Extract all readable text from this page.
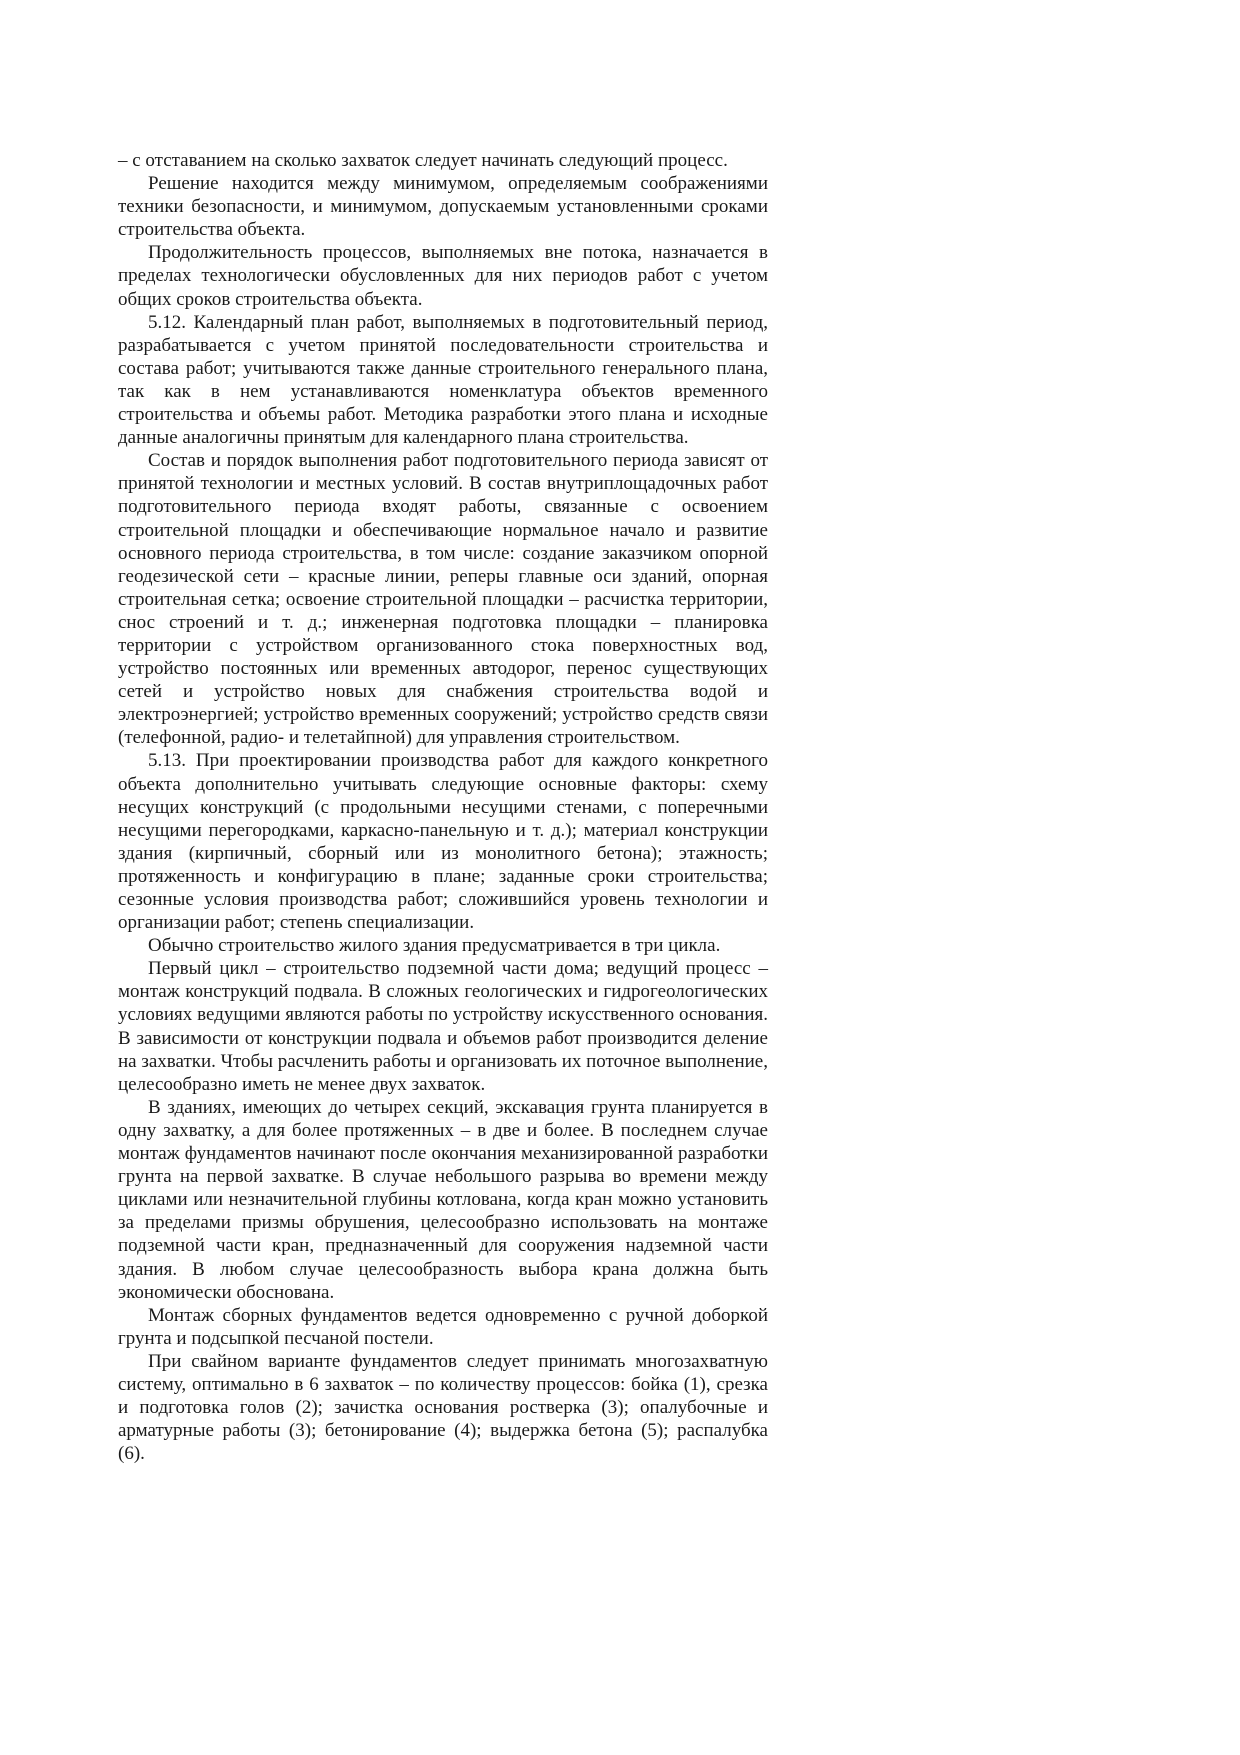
– с отставанием на сколько захваток следует начинать следующий процесс.

Решение находится между минимумом, определяемым соображениями техники безопасности, и минимумом, допускаемым установленными сроками строительства объекта.

Продолжительность процессов, выполняемых вне потока, назначается в пределах технологически обусловленных для них периодов работ с учетом общих сроков строительства объекта.

5.12. Календарный план работ, выполняемых в подготовительный период, разрабатывается с учетом принятой последовательности строительства и состава работ; учитываются также данные строительного генерального плана, так как в нем устанавливаются номенклатура объектов временного строительства и объемы работ. Методика разработки этого плана и исходные данные аналогичны принятым для календарного плана строительства.

Состав и порядок выполнения работ подготовительного периода зависят от принятой технологии и местных условий. В состав внутриплощадочных работ подготовительного периода входят работы, связанные с освоением строительной площадки и обеспечивающие нормальное начало и развитие основного периода строительства, в том числе: создание заказчиком опорной геодезической сети – красные линии, реперы главные оси зданий, опорная строительная сетка; освоение строительной площадки – расчистка территории, снос строений и т. д.; инженерная подготовка площадки – планировка территории с устройством организованного стока поверхностных вод, устройство постоянных или временных автодорог, перенос существующих сетей и устройство новых для снабжения строительства водой и электроэнергией; устройство временных сооружений; устройство средств связи (телефонной, радио- и телетайпной) для управления строительством.

5.13. При проектировании производства работ для каждого конкретного объекта дополнительно учитывать следующие основные факторы: схему несущих конструкций (с продольными несущими стенами, с поперечными несущими перегородками, каркасно-панельную и т. д.); материал конструкции здания (кирпичный, сборный или из монолитного бетона); этажность; протяженность и конфигурацию в плане; заданные сроки строительства; сезонные условия производства работ; сложившийся уровень технологии и организации работ; степень специализации.

Обычно строительство жилого здания предусматривается в три цикла.

Первый цикл – строительство подземной части дома; ведущий процесс – монтаж конструкций подвала. В сложных геологических и гидрогеологических условиях ведущими являются работы по устройству искусственного основания. В зависимости от конструкции подвала и объемов работ производится деление на захватки. Чтобы расчленить работы и организовать их поточное выполнение, целесообразно иметь не менее двух захваток.

В зданиях, имеющих до четырех секций, экскавация грунта планируется в одну захватку, а для более протяженных – в две и более. В последнем случае монтаж фундаментов начинают после окончания механизированной разработки грунта на первой захватке. В случае небольшого разрыва во времени между циклами или незначительной глубины котлована, когда кран можно установить за пределами призмы обрушения, целесообразно использовать на монтаже подземной части кран, предназначенный для сооружения надземной части здания. В любом случае целесообразность выбора крана должна быть экономически обоснована.

Монтаж сборных фундаментов ведется одновременно с ручной доборкой грунта и подсыпкой песчаной постели.

При свайном варианте фундаментов следует принимать многозахватную систему, оптимально в 6 захваток – по количеству процессов: бойка (1), срезка и подготовка голов (2); зачистка основания ростверка (3); опалубочные и арматурные работы (3); бетонирование (4); выдержка бетона (5); распалубка (6).
